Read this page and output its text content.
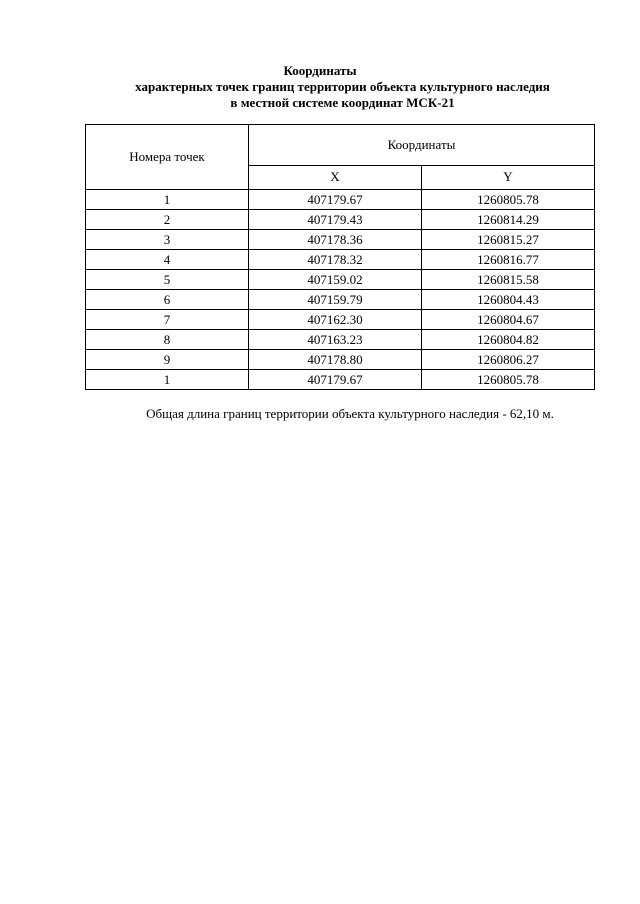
Координаты
характерных точек границ территории объекта культурного наследия
в местной системе координат МСК-21
Номера точек	Координаты	
	X	Y
1	407179.67	1260805.78
2	407179.43	1260814.29
3	407178.36	1260815.27
4	407178.32	1260816.77
5	407159.02	1260815.58
6	407159.79	1260804.43
7	407162.30	1260804.67
8	407163.23	1260804.82
9	407178.80	1260806.27
1	407179.67	1260805.78
Общая длина границ территории объекта культурного наследия - 62,10 м.
